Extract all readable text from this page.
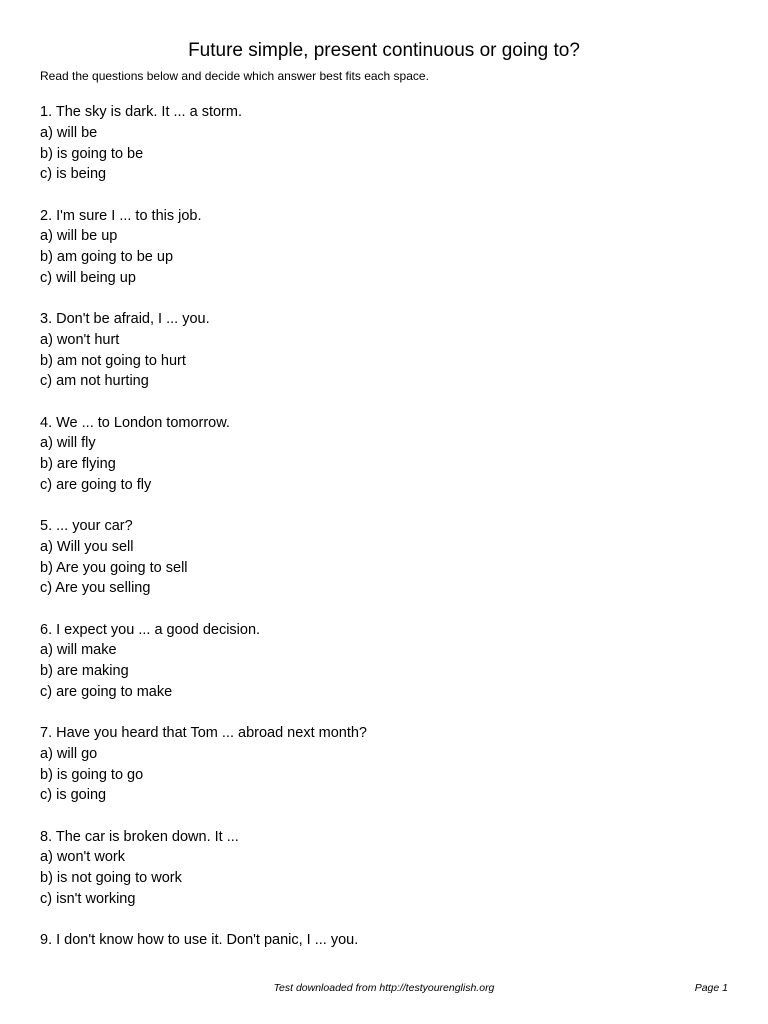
Future simple, present continuous or going to?
Read the questions below and decide which answer best fits each space.
1. The sky is dark. It ... a storm.
a) will be
b) is going to be
c) is being
2. I'm sure I ... to this job.
a) will be up
b) am going to be up
c) will being up
3. Don't be afraid, I ... you.
a) won't hurt
b) am not going to hurt
c) am not hurting
4. We ... to London tomorrow.
a) will fly
b) are flying
c) are going to fly
5. ... your car?
a) Will you sell
b) Are you going to sell
c) Are you selling
6. I expect you ... a good decision.
a) will make
b) are making
c) are going to make
7. Have you heard that Tom ... abroad next month?
a) will go
b) is going to go
c) is going
8. The car is broken down. It ...
a) won't work
b) is not going to work
c) isn't working
9. I don't know how to use it. Don't panic, I ... you.
Test downloaded from http://testyourenglish.org	Page 1
